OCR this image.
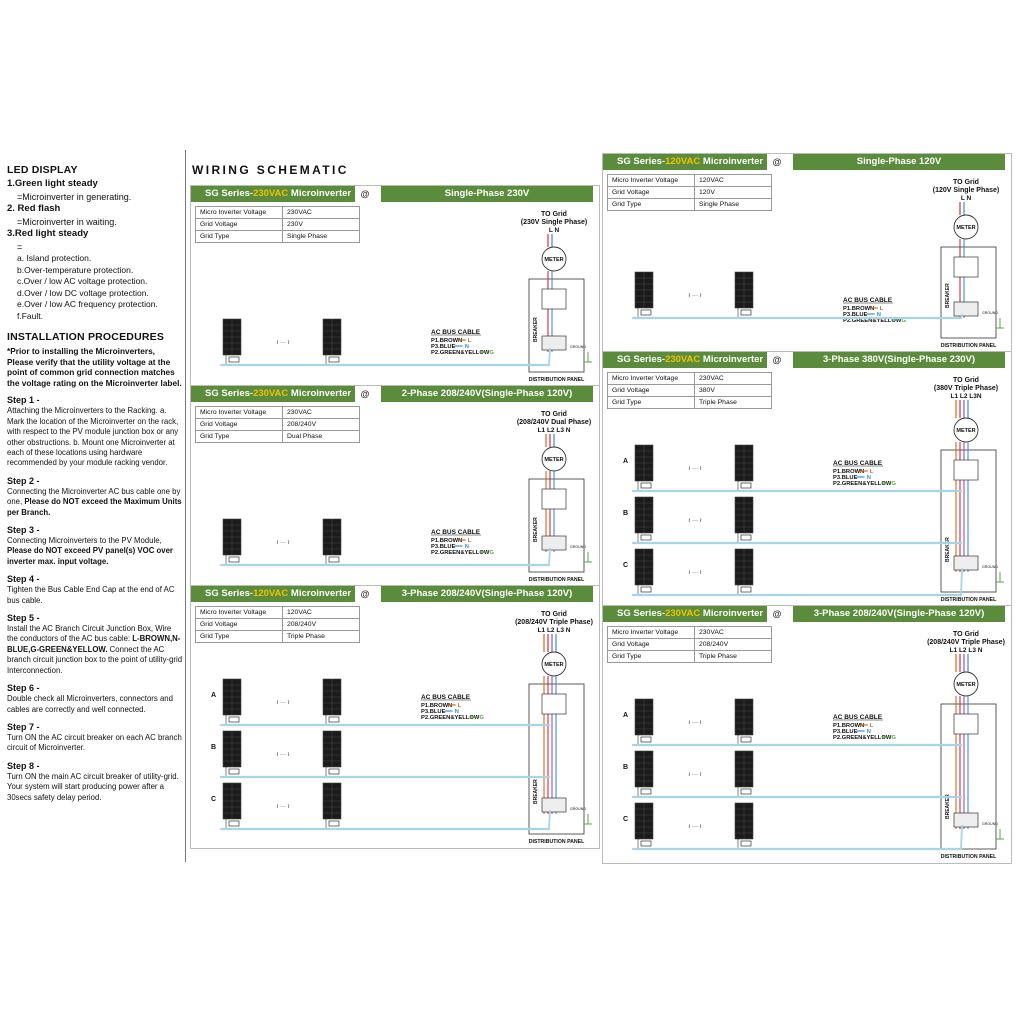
LED DISPLAY

1.Green light steady

=Microinverter in generating.

2. Red flash

=Microinverter in waiting.

3.Red light steady

=

a. Island protection.
b.Over-temperature protection.
c.Over / low AC voltage protection.
d.Over / low DC voltage protection.
e.Over / low AC frequency protection.
f.Fault.
INSTALLATION PROCEDURES
*Prior to installing the Microinverters, Please verify that the utility voltage at the point of common grid connection matches the voltage rating on the Microinverter label.
Step 1 -
Attaching the Microinverters to the Racking. a. Mark the location of the Microinverter on the rack, with respect to the PV module junction box or any other obstructions. b. Mount one Microinverter at each of these locations using hardware recommended by your module racking vendor.
Step 2 -
Connecting the Microinverter AC bus cable one by one, Please do NOT exceed the Maximum Units per Branch.
Step 3 -
Connecting Microinverters to the PV Module, Please do NOT exceed PV panel(s) VOC over inverter max. input voltage.
Step 4 -
Tighten the Bus Cable End Cap at the end of AC bus cable.
Step 5 -
Install the AC Branch Circuit Junction Box, Wire the conductors of the AC bus cable: L-BROWN,N-BLUE,G-GREEN&YELLOW. Connect the AC branch circuit junction box to the point of utility-grid Interconnection.
Step 6 -
Double check all Microinverters, connectors and cables are correctly and well connected.
Step 7 -
Turn ON the AC circuit breaker on each AC branch circuit of Microinverter.
Step 8 -
Turn ON the main AC circuit breaker of utility-grid. Your system will start producing power after a 30secs safety delay period.
WIRING SCHEMATIC
SG Series-230VAC Microinverter	@	Single-Phase 230V
Micro Inverter Voltage	230VAC
Grid Voltage	230V
Grid Type	Single Phase
TO Grid
(230V Single Phase)
L N
METER
BREAKER
DISTRIBUTION PANEL
GROUND
AC BUS CABLE
P1.BROWN L
P3.BLUE N
P2.GREEN&YELLOW G
≀ ··· ≀
SG Series-230VAC Microinverter	@	2-Phase 208/240V(Single-Phase 120V)
Micro Inverter Voltage	230VAC
Grid Voltage	208/240V
Grid Type	Dual Phase
TO Grid
(208/240V Dual Phase)
L1 L2 L3 N
METER
BREAKER
DISTRIBUTION PANEL
GROUND
AC BUS CABLE
P1.BROWN L
P3.BLUE N
P2.GREEN&YELLOW G
≀ ··· ≀
SG Series-120VAC Microinverter	@	3-Phase 208/240V(Single-Phase 120V)
Micro Inverter Voltage	120VAC
Grid Voltage	208/240V
Grid Type	Triple Phase
TO Grid
(208/240V Triple Phase)
L1 L2 L3 N
METER
BREAKER
DISTRIBUTION PANEL
GROUND
AC BUS CABLE
P1.BROWN L
P3.BLUE N
P2.GREEN&YELLOW G
A
≀ ··· ≀
B
≀ ··· ≀
C
≀ ··· ≀
SG Series-120VAC Microinverter	@	Single-Phase 120V
Micro Inverter Voltage	120VAC
Grid Voltage	120V
Grid Type	Single Phase
TO Grid
(120V Single Phase)
L N
METER
BREAKER
DISTRIBUTION PANEL
GROUND
AC BUS CABLE
P1.BROWN L
P3.BLUE N
P2.GREEN&YELLOW G
≀ ··· ≀
SG Series-230VAC Microinverter	@	3-Phase 380V(Single-Phase 230V)
Micro Inverter Voltage	230VAC
Grid Voltage	380V
Grid Type	Triple Phase
TO Grid
(380V Triple Phase)
L1 L2 L3N
METER
BREAKER
DISTRIBUTION PANEL
GROUND
AC BUS CABLE
P1.BROWN L
P3.BLUE N
P2.GREEN&YELLOW G
A
≀ ··· ≀
B
≀ ··· ≀
C
≀ ··· ≀
SG Series-230VAC Microinverter	@	3-Phase 208/240V(Single-Phase 120V)
Micro Inverter Voltage	230VAC
Grid Voltage	208/240V
Grid Type	Triple Phase
TO Grid
(208/240V Triple Phase)
L1 L2 L3 N
METER
BREAKER
DISTRIBUTION PANEL
GROUND
AC BUS CABLE
P1.BROWN L
P3.BLUE N
P2.GREEN&YELLOW G
A
≀ ··· ≀
B
≀ ··· ≀
C
≀ ··· ≀
